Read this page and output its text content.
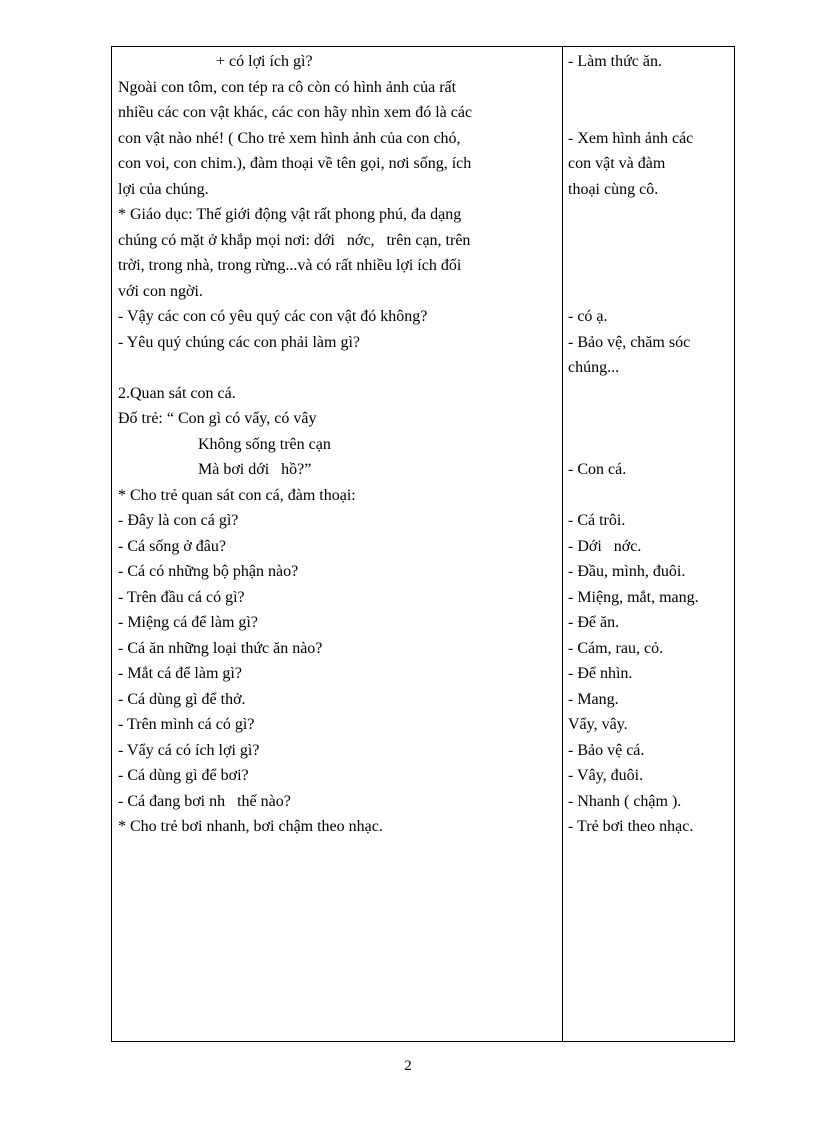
+ có lợi ích gì?
Ngoài con tôm, con tép ra cô còn có hình ảnh của rất
nhiều các con vật khác, các con hãy nhìn xem đó là các
con vật nào nhé! ( Cho trẻ xem hình ảnh của con chó,
con voi, con chim.), đàm thoại về tên gọi, nơi sống, ích
lợi của chúng.
* Giáo dục: Thế giới động vật rất phong phú, đa dạng
chúng có mặt ở khắp mọi nơi: dới   nớc,   trên cạn, trên
trời, trong nhà, trong rừng...và có rất nhiều lợi ích đối
với con ngời.
- Vậy các con có yêu quý các con vật đó không?
- Yêu quý chúng các con phải làm gì?
2.Quan sát con cá.
Đố trẻ: “ Con gì có vẩy, có vây
Không sống trên cạn
Mà bơi dới   hồ?”
* Cho trẻ quan sát con cá, đàm thoại:
- Đây là con cá gì?
- Cá sống ở đâu?
- Cá có những bộ phận nào?
- Trên đầu cá có gì?
- Miệng cá để làm gì?
- Cá ăn những loại thức ăn nào?
- Mắt cá để làm gì?
- Cá dùng gì để thở.
- Trên mình cá có gì?
- Vẩy cá có ích lợi gì?
- Cá dùng gì để bơi?
- Cá đang bơi nh   thế nào?
* Cho trẻ bơi nhanh, bơi chậm theo nhạc.
- Làm thức ăn.
- Xem hình ảnh các
con vật và đàm
thoại cùng cô.
- có ạ.
- Bảo vệ, chăm sóc
chúng...
- Con cá.
- Cá trôi.
- Dới   nớc.
- Đầu, mình, đuôi.
- Miệng, mắt, mang.
- Để ăn.
- Cám, rau, cỏ.
- Để nhìn.
- Mang.
Vẩy, vây.
- Bảo vệ cá.
- Vây, đuôi.
- Nhanh ( chậm ).
- Trẻ bơi theo nhạc.
2
